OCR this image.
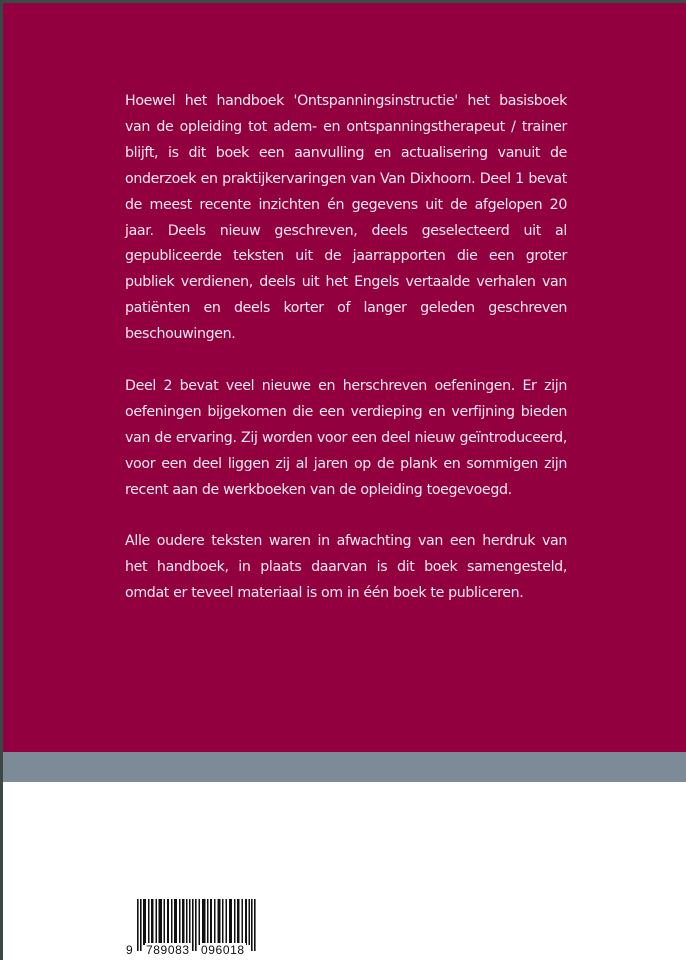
Hoewel het handboek 'Ontspanningsinstructie' het basisboek van de opleiding tot adem- en ontspanningstherapeut / trainer blijft, is dit boek een aanvulling en actualisering vanuit de onderzoek en praktijkervaringen van Van Dixhoorn. Deel 1 bevat de meest recente inzichten én gegevens uit de afgelopen 20 jaar. Deels nieuw geschreven, deels geselecteerd uit al gepubliceerde teksten uit de jaarrapporten die een groter publiek verdienen, deels uit het Engels vertaalde verhalen van patiënten en deels korter of langer geleden geschreven beschouwingen.

Deel 2 bevat veel nieuwe en herschreven oefeningen. Er zijn oefeningen bijgekomen die een verdieping en verfijning bieden van de ervaring. Zij worden voor een deel nieuw geïntroduceerd, voor een deel liggen zij al jaren op de plank en sommigen zijn recent aan de werkboeken van de opleiding toegevoegd.

Alle oudere teksten waren in afwachting van een herdruk van het handboek, in plaats daarvan is dit boek samengesteld, omdat er teveel materiaal is om in één boek te publiceren.

9 789083 096018
